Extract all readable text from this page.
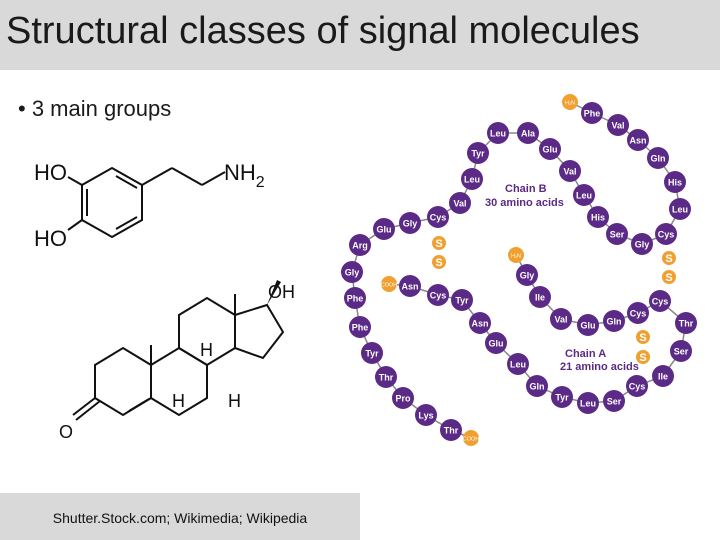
Structural classes of signal molecules
• 3 main groups
HO
HO
$NH_2$
OH
H
H H
O
Phe
Val
Asn
Gln
His
Leu
Cys
Gly
Ser
His
Leu
Val
Glu
Ala
Leu
Tyr
Leu
Val
Cys
Gly
Glu
Arg
Gly
Phe
Phe
Tyr
Thr
Pro
Lys
Thr
Gly
Ile
Val
Glu Gln
Cys
Cys
Thr
Ser
Ile
Cys
Ser
Leu
Tyr
Gln
Leu
Glu
Asn
Tyr
Cys
Asn
H₂N
COOH
H₂N
COOH
S
S	S
S
S
S
Chain B
30 amino acids
Chain A
21 amino acids
Shutter.Stock.com; Wikimedia; Wikipedia
